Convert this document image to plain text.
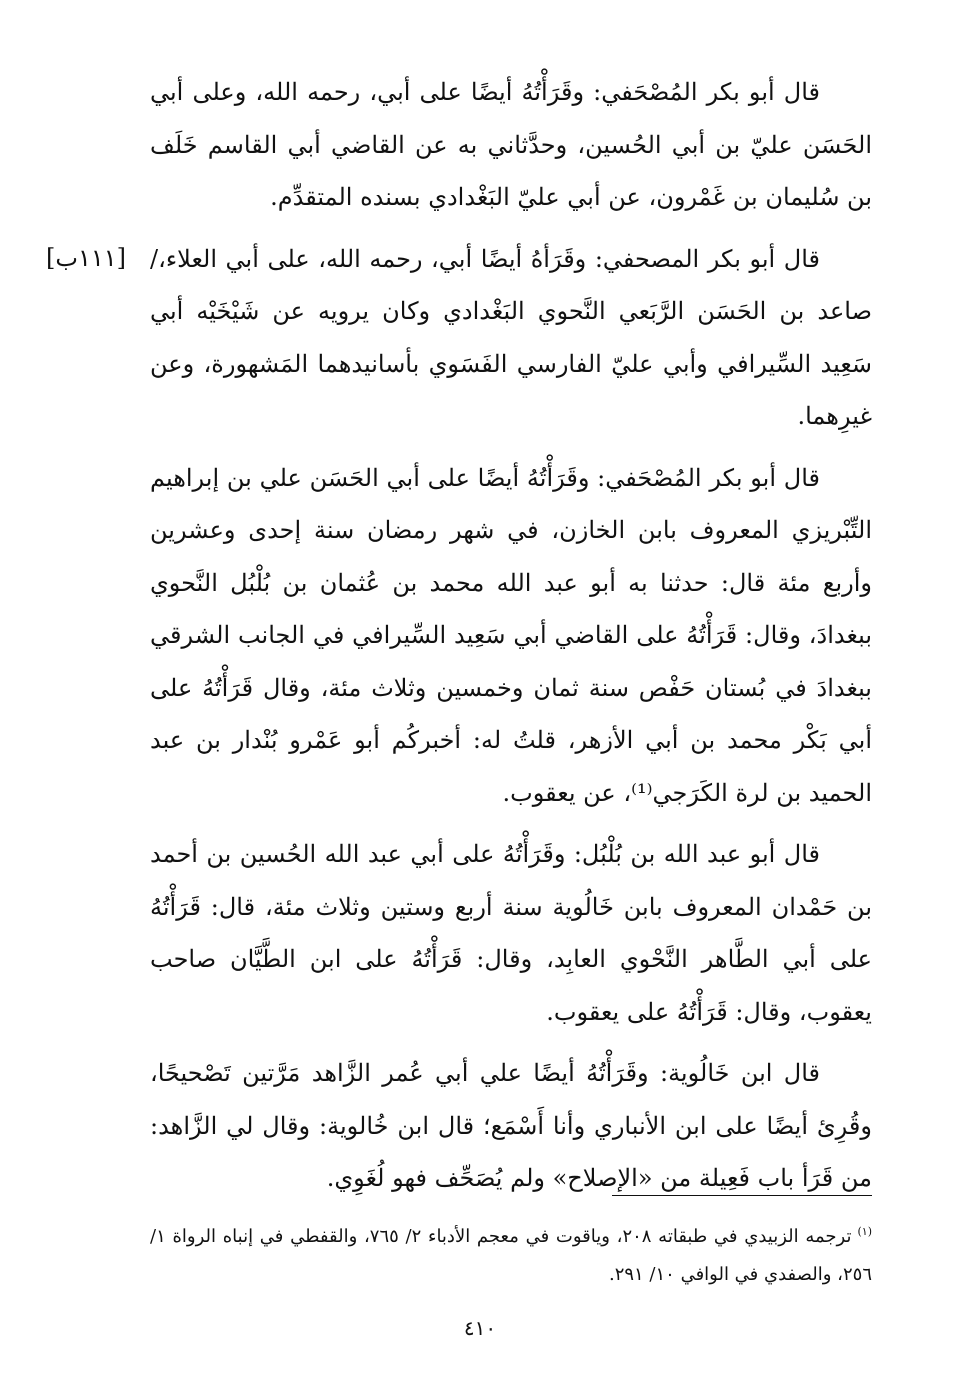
قال أبو بكر المُصْحَفي: وقَرَأْتُهُ أيضًا على أبي، رحمه الله، وعلى أبي الحَسَن عليّ بن أبي الحُسين، وحدَّثاني به عن القاضي أبي القاسم خَلَف بن سُليمان بن غَمْرون، عن أبي عليّ البَغْدادي بسنده المتقدِّم.

قال أبو بكر المصحفي: وقَرَأهُ أيضًا أبي، رحمه الله، على أبي العلاء،/ صاعد بن الحَسَن الرَّبَعي النَّحوي البَغْدادي وكان يرويه عن شَيْخَيْه أبي سَعِيد السِّيرافي وأبي عليّ الفارسي الفَسَوي بأسانيدهما المَشهورة، وعن غيرِهما.

قال أبو بكر المُصْحَفي: وقَرَأْتُهُ أيضًا على أبي الحَسَن علي بن إبراهيم التِّبْريزي المعروف بابن الخازن، في شهر رمضان سنة إحدى وعشرين وأربع مئة قال: حدثنا به أبو عبد الله محمد بن عُثمان بن بُلْبُل النَّحوي ببغدادَ، وقال: قَرَأْتُهُ على القاضي أبي سَعِيد السِّيرافي في الجانب الشرقي ببغدادَ في بُستان حَفْص سنة ثمان وخمسين وثلاث مئة، وقال قَرَأْتُهُ على أبي بَكْر محمد بن أبي الأزهر، قلتُ له: أخبركُم أبو عَمْرو بُنْدار بن عبد الحميد بن لرة الكَرَجي⁽¹⁾، عن يعقوب.

قال أبو عبد الله بن بُلْبُل: وقَرَأْتُهُ على أبي عبد الله الحُسين بن أحمد بن حَمْدان المعروف بابن خَالُوية سنة أربع وستين وثلاث مئة، قال: قَرَأْتُهُ على أبي الطَّاهر النَّحْوي العابِد، وقال: قَرَأْتُهُ على ابن الطَّيَّان صاحب يعقوب، وقال: قَرَأْتُهُ على يعقوب.

قال ابن خَالُوية: وقَرَأْتُهُ أيضًا علي أبي عُمر الزَّاهد مَرَّتين تَصْحيحًا، وقُرِئ أيضًا على ابن الأنباري وأنا أَسْمَع؛ قال ابن خُالوية: وقال لي الزَّاهد: من قَرَأ باب فَعِيلة من «الإصلاح» ولم يُصَحِّف فهو لُغَوِي.

[١١١ب]

$^{(١)}$ترجمه الزبيدي في طبقاته ٢٠٨، وياقوت في معجم الأدباء ٢/ ٧٦٥، والقفطي في إنباه الرواة ١/ ٢٥٦، والصفدي في الوافي ١٠/ ٢٩١.

٤١٠
